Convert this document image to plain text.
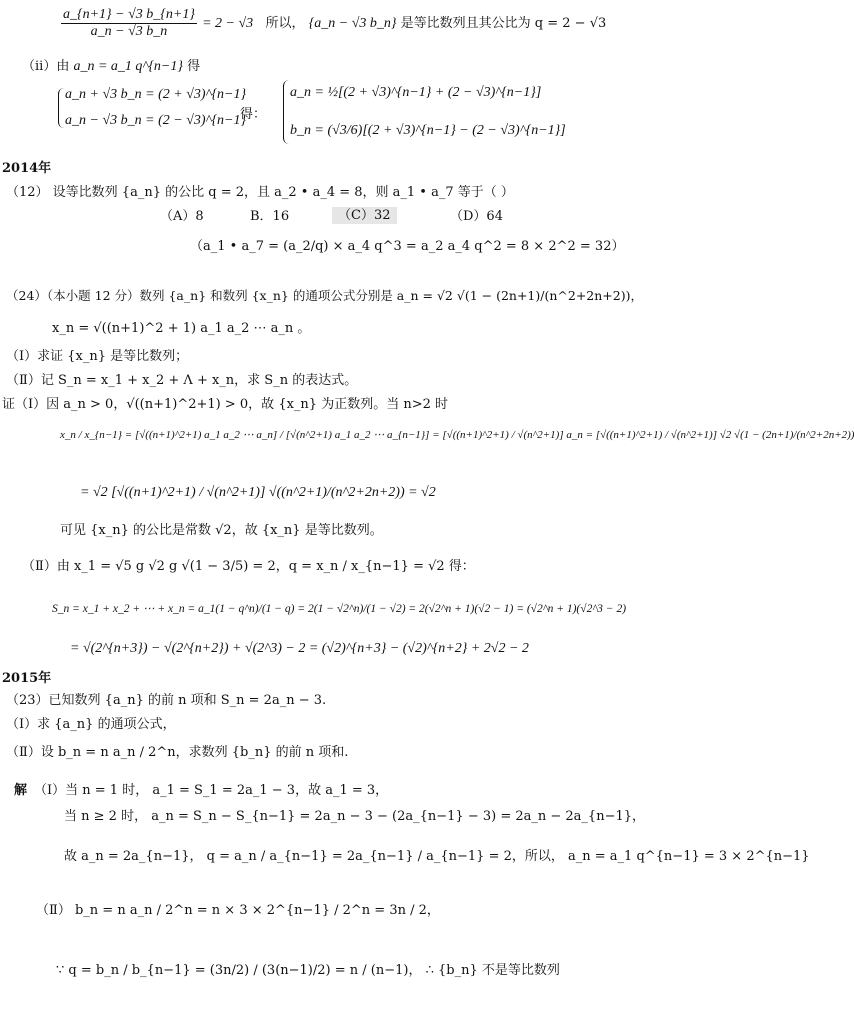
$\frac{a\_\{n+1\} - √3 b\_\{n+1\}}{a\_n - √3 b\_n} = 2 - √3$ 所以， {a_n − √3 b_n} 是等比数列且其公比为 q = 2 − √3
（ii）由 a_n = a_1 q^{n−1} 得
a_n + √3 b_n = (2 + √3)^{n−1}
a_n − √3 b_n = (2 − √3)^{n−1}
得：
a_n = ½[(2 + √3)^{n−1} + (2 − √3)^{n−1}]
b_n = (√3/6)[(2 + √3)^{n−1} − (2 − √3)^{n−1}]
2014年
（12） 设等比数列 {a_n} 的公比 q = 2，且 a_2 • a_4 = 8，则 a_1 • a_7 等于（ ）
（A）8	B．16	（C）32	（D）64
（a_1 • a_7 = (a_2/q) × a_4 q^3 = a_2 a_4 q^2 = 8 × 2^2 = 32）
（24）（本小题 12 分）数列 {a_n} 和数列 {x_n} 的通项公式分别是 a_n = √2 √(1 − (2n+1)/(n^2+2n+2))，
x_n = √((n+1)^2 + 1) a_1 a_2 ⋯ a_n 。
（Ⅰ）求证 {x_n} 是等比数列；
（Ⅱ）记 S_n = x_1 + x_2 + Λ + x_n，求 S_n 的表达式。
证（Ⅰ）因 a_n > 0，√((n+1)^2+1) > 0，故 {x_n} 为正数列。当 n>2 时
x_n / x_{n−1} = [√((n+1)^2+1) a_1 a_2 ⋯ a_n] / [√(n^2+1) a_1 a_2 ⋯ a_{n−1}] = [√((n+1)^2+1) / √(n^2+1)] a_n = [√((n+1)^2+1) / √(n^2+1)] √2 √(1 − (2n+1)/(n^2+2n+2))
= √2 [√((n+1)^2+1) / √(n^2+1)] √((n^2+1)/(n^2+2n+2)) = √2
可见 {x_n} 的公比是常数 √2，故 {x_n} 是等比数列。
（Ⅱ）由 x_1 = √5 g √2 g √(1 − 3/5) = 2，q = x_n / x_{n−1} = √2 得：
S_n = x_1 + x_2 + ⋯ + x_n = a_1(1 − q^n)/(1 − q) = 2(1 − √2^n)/(1 − √2) = 2(√2^n + 1)(√2 − 1) = (√2^n + 1)(√2^3 − 2)
= √(2^{n+3}) − √(2^{n+2}) + √(2^3) − 2 = (√2)^{n+3} − (√2)^{n+2} + 2√2 − 2
2015年
（23）已知数列 {a_n} 的前 n 项和 S_n = 2a_n − 3.
（Ⅰ）求 {a_n} 的通项公式，
（Ⅱ）设 b_n = n a_n / 2^n，求数列 {b_n} 的前 n 项和.
解 （Ⅰ）当 n = 1 时， a_1 = S_1 = 2a_1 − 3，故 a_1 = 3，
当 n ≥ 2 时， a_n = S_n − S_{n−1} = 2a_n − 3 − (2a_{n−1} − 3) = 2a_n − 2a_{n−1}，
故 a_n = 2a_{n−1}， q = a_n / a_{n−1} = 2a_{n−1} / a_{n−1} = 2，所以， a_n = a_1 q^{n−1} = 3 × 2^{n−1}
（Ⅱ） b_n = n a_n / 2^n = n × 3 × 2^{n−1} / 2^n = 3n / 2，
∵ q = b_n / b_{n−1} = (3n/2) / (3(n−1)/2) = n / (n−1)， ∴ {b_n} 不是等比数列
